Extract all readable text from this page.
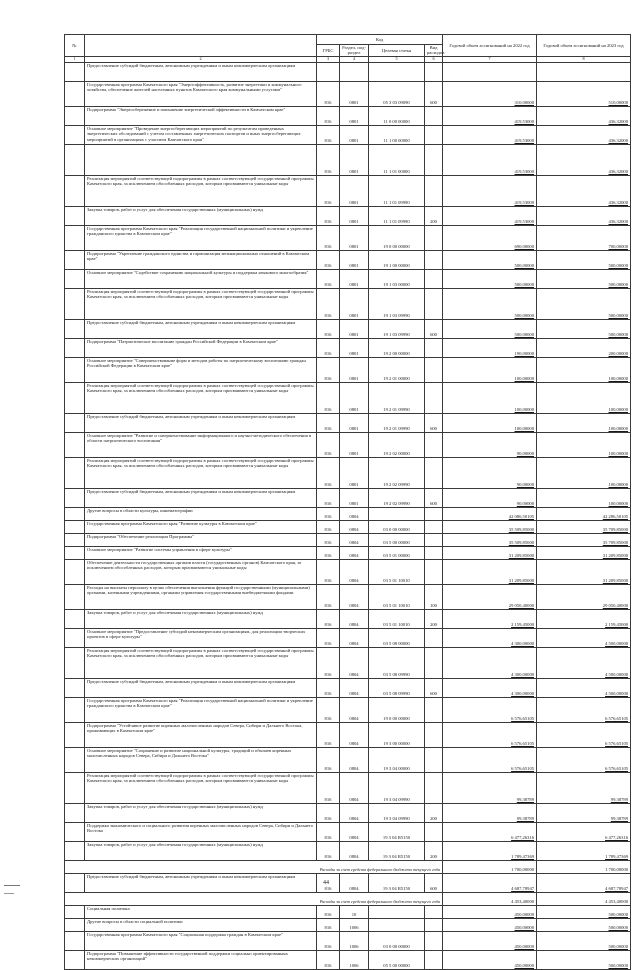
№		Код				Годовой объем ассигнований на 2022 год	Годовой объем ассигнований на 2023 год
		ГРБС	Раздел, под-раздел	Целевая статья	Вид расходов		
1	2	3	4	5	6	7	8
	Предоставление субсидий бюджетным, автономным учреждениям и иным некоммерческим организациям						
	Государственная программа Камчатского края "Энергоэффективность, развитие энергетики и коммунального хозяйства, обеспечение жителей населенных пунктов Камчатского края коммунальными услугами"	816	0801	05 3 03 09090	600	310,00000	510,00000
	Подпрограмма "Энергосбережение и повышение энергетической эффективности в Камчатском крае"	816	0801	11 0 00 00000		419,53000	436,32000
	Основное мероприятие "Проведение энергосберегающих мероприятий по результатам проведенных энергетических обследований с учетом составленных энергетических паспортов и иных энергосберегающих мероприятий в организациях с участием Камчатского края"	816	0801	11 1 00 00000		419,53000	436,32000
		816	0801	11 1 01 00000		419,53000	436,32000
	Реализация мероприятий соответствующей подпрограммы в рамках соответствующей государственной программы Камчатского края, за исключением обособленных расходов, которым присваиваются уникальные коды	816	0801	11 1 01 09990		419,53000	436,32000
	Закупка товаров, работ и услуг для обеспечения государственных (муниципальных) нужд	816	0801	11 1 01 09990	200	419,53000	436,32000
	Государственная программа Камчатского края "Реализация государственной национальной политики и укрепление гражданского единства в Камчатском крае"	816	0801	19 0 00 00000		690,00000	700,00000
	Подпрограмма "Укрепление гражданского единства и гармонизация межнациональных отношений в Камчатском крае"	816	0801	19 1 00 00000		500,00000	500,00000
	Основное мероприятие "Содействие сохранению национальной культуры и поддержка языкового многообразия"	816	0801	19 1 03 00000		500,00000	500,00000
	Реализация мероприятий соответствующей подпрограммы в рамках соответствующей государственной программы Камчатского края, за исключением обособленных расходов, которым присваиваются уникальные коды	816	0801	19 1 03 09990		500,00000	500,00000
	Предоставление субсидий бюджетным, автономным учреждениям и иным некоммерческим организациям	816	0801	19 1 03 09990	600	500,00000	500,00000
	Подпрограмма "Патриотическое воспитание граждан Российской Федерации в Камчатском крае"	816	0801	19 2 00 00000		190,00000	200,00000
	Основное мероприятие "Совершенствование форм и методов работы по патриотическому воспитанию граждан Российской Федерации в Камчатском крае"	816	0801	19 2 01 00000		100,00000	100,00000
	Реализация мероприятий соответствующей подпрограммы в рамках соответствующей государственной программы Камчатского края, за исключением обособленных расходов, которым присваиваются уникальные коды	816	0801	19 2 01 09990		100,00000	100,00000
	Предоставление субсидий бюджетным, автономным учреждениям и иным некоммерческим организациям	816	0801	19 2 01 09990	600	100,00000	100,00000
	Основное мероприятие "Развитие и совершенствование информационного и научно-методического обеспечения в области патриотического воспитания"	816	0801	19 2 02 00000		90,00000	100,00000
	Реализация мероприятий соответствующей подпрограммы в рамках соответствующей государственной программы Камчатского края, за исключением обособленных расходов, которым присваиваются уникальные коды	816	0801	19 2 02 09990		90,00000	100,00000
	Предоставление субсидий бюджетным, автономным учреждениям и иным некоммерческим организациям	816	0801	19 2 02 09990	600	90,00000	100,00000
	Другие вопросы в области культуры, кинематографии	816	0804			42 086,50105	42 286,50105
	Государственная программа Камчатского края "Развитие культуры в Камчатском крае"	816	0804	03 0 00 00000		35 509,85000	35 709,85000
	Подпрограмма "Обеспечение реализации Программы"	816	0804	03 5 00 00000		35 509,85000	35 709,85000
	Основное мероприятие "Развитие системы управления в сфере культуры"	816	0804	03 5 01 00000		31 209,85000	31 209,85000
	Обеспечение деятельности государственных органов власти (государственных органов) Камчатского края, за исключением обособленных расходов, которым присваиваются уникальные коды	816	0804	03 5 01 10010		31 209,85000	31 209,85000
	Расходы на выплаты персоналу в целях обеспечения выполнения функций государственными (муниципальными) органами, казенными учреждениями, органами управления государственными внебюджетными фондами	816	0804	03 5 01 10010	100	29 050,40000	29 050,40000
	Закупка товаров, работ и услуг для обеспечения государственных (муниципальных) нужд	816	0804	03 5 01 10010	200	2 159,45000	2 159,45000
	Основное мероприятие "Предоставление субсидий некоммерческим организациям, для реализации творческих проектов в сфере культуры"	816	0804	03 5 08 00000		4 300,00000	4 500,00000
	Реализация мероприятий соответствующей подпрограммы в рамках соответствующей государственной программы Камчатского края, за исключением обособленных расходов, которым присваиваются уникальные коды	816	0804	03 5 08 09990		4 300,00000	4 500,00000
	Предоставление субсидий бюджетным, автономным учреждениям и иным некоммерческим организациям	816	0804	03 5 08 09990	600	4 300,00000	4 500,00000
	Государственная программа Камчатского края "Реализация государственной национальной политики и укрепление гражданского единства в Камчатском крае"	816	0804	19 0 00 00000		6 576,65105	6 576,65105
	Подпрограмма "Устойчивое развитие коренных малочисленных народов Севера, Сибири и Дальнего Востока, проживающих в Камчатском крае"	816	0804	19 3 00 00000		6 576,65105	6 576,65105
	Основное мероприятие "Сохранение и развитие национальной культуры, традиций и обычаев коренных малочисленных народов Севера, Сибири и Дальнего Востока"	816	0804	19 3 04 00000		6 576,65105	6 576,65105
	Реализация мероприятий соответствующей подпрограммы в рамках соответствующей государственной программы Камчатского края, за исключением обособленных расходов, которым присваиваются уникальные коды	816	0804	19 3 04 09990		99,38789	99,38789
	Закупка товаров, работ и услуг для обеспечения государственных (муниципальных) нужд	816	0804	19 3 04 09990	200	99,38789	99,38789
	Поддержка экономического и социального развития коренных малочисленных народов Севера, Сибири и Дальнего Востока	816	0804	19 3 04 R5150		6 477,26316	6 477,26316
	Закупка товаров, работ и услуг для обеспечения государственных (муниципальных) нужд	816	0804	19 3 04 R5150	200	1 789,47369	1 789,47369
Расходы за счет средств федерального бюджета текущего года						1 700,00000	1 700,00000
	Предоставление субсидий бюджетным, автономным учреждениям и иным некоммерческим организациям	816	0804	19 3 04 R5150	600	4 687,78947	4 687,78947
Расходы за счет средств федерального бюджета текущего года						4 453,40000	4 453,40000
	Социальная политика	816	10			450,00000	500,00000
	Другие вопросы в области социальной политики	816	1006			450,00000	500,00000
	Государственная программа Камчатского края "Социальная поддержка граждан в Камчатском крае"	816	1006	03 0 00 00000		450,00000	500,00000
	Подпрограмма "Повышение эффективности государственной поддержки социально ориентированных некоммерческих организаций"	816	1006	05 5 00 00000		450,00000	500,00000
44
